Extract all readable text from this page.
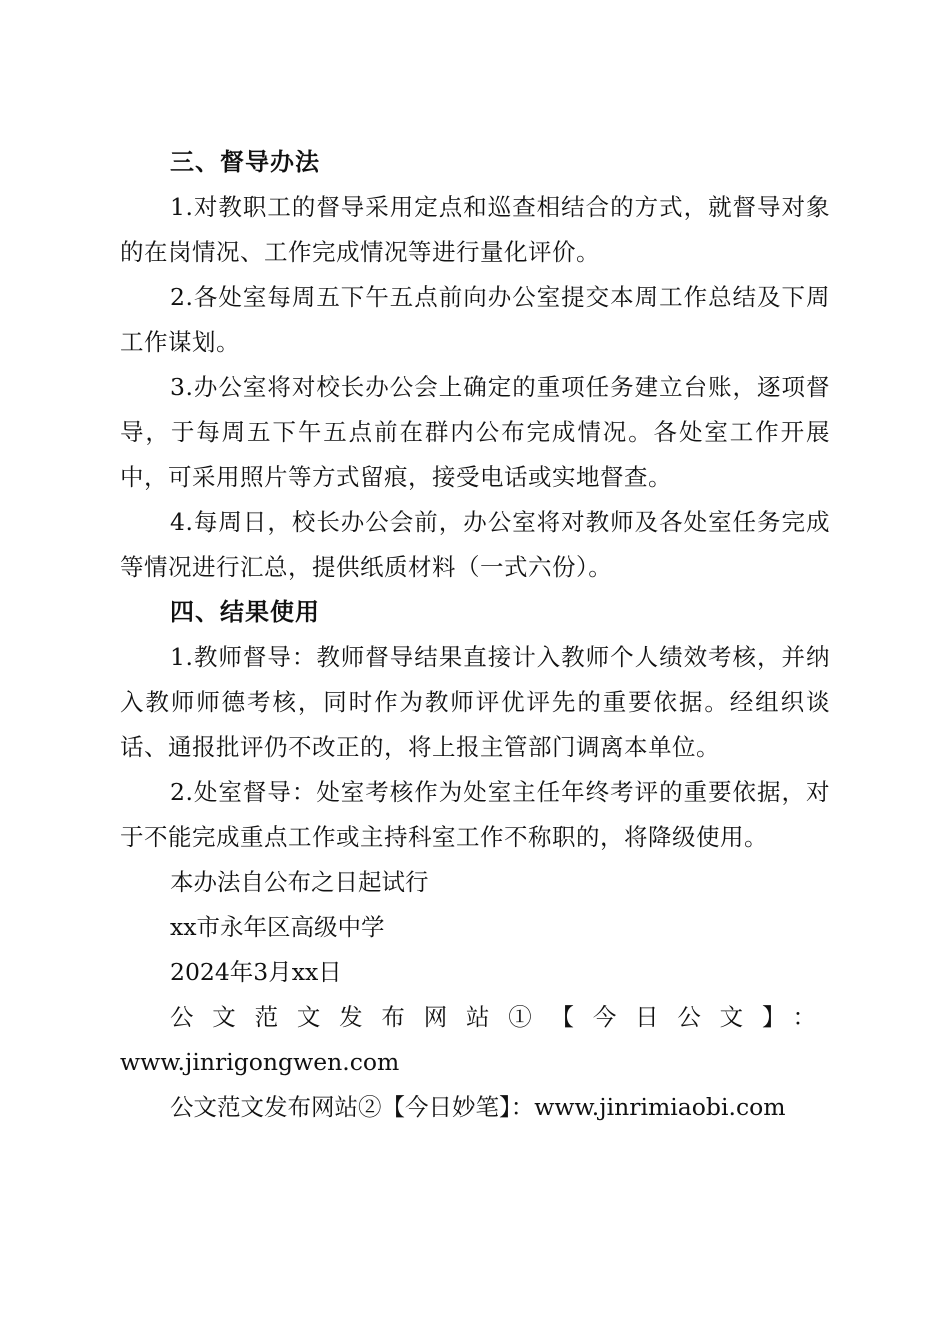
三、督导办法
1.对教职工的督导采用定点和巡查相结合的方式，就督导对象的在岗情况、工作完成情况等进行量化评价。
2.各处室每周五下午五点前向办公室提交本周工作总结及下周工作谋划。
3.办公室将对校长办公会上确定的重项任务建立台账，逐项督导，于每周五下午五点前在群内公布完成情况。各处室工作开展中，可采用照片等方式留痕，接受电话或实地督查。
4.每周日，校长办公会前，办公室将对教师及各处室任务完成等情况进行汇总，提供纸质材料（一式六份）。
四、结果使用
1.教师督导：教师督导结果直接计入教师个人绩效考核，并纳入教师师德考核，同时作为教师评优评先的重要依据。经组织谈话、通报批评仍不改正的，将上报主管部门调离本单位。
2.处室督导：处室考核作为处室主任年终考评的重要依据，对于不能完成重点工作或主持科室工作不称职的，将降级使用。
本办法自公布之日起试行
xx市永年区高级中学
2024年3月xx日
公文范文发布网站①【今日公文】：
www.jinrigongwen.com
公文范文发布网站②【今日妙笔】：www.jinrimiaobi.com
